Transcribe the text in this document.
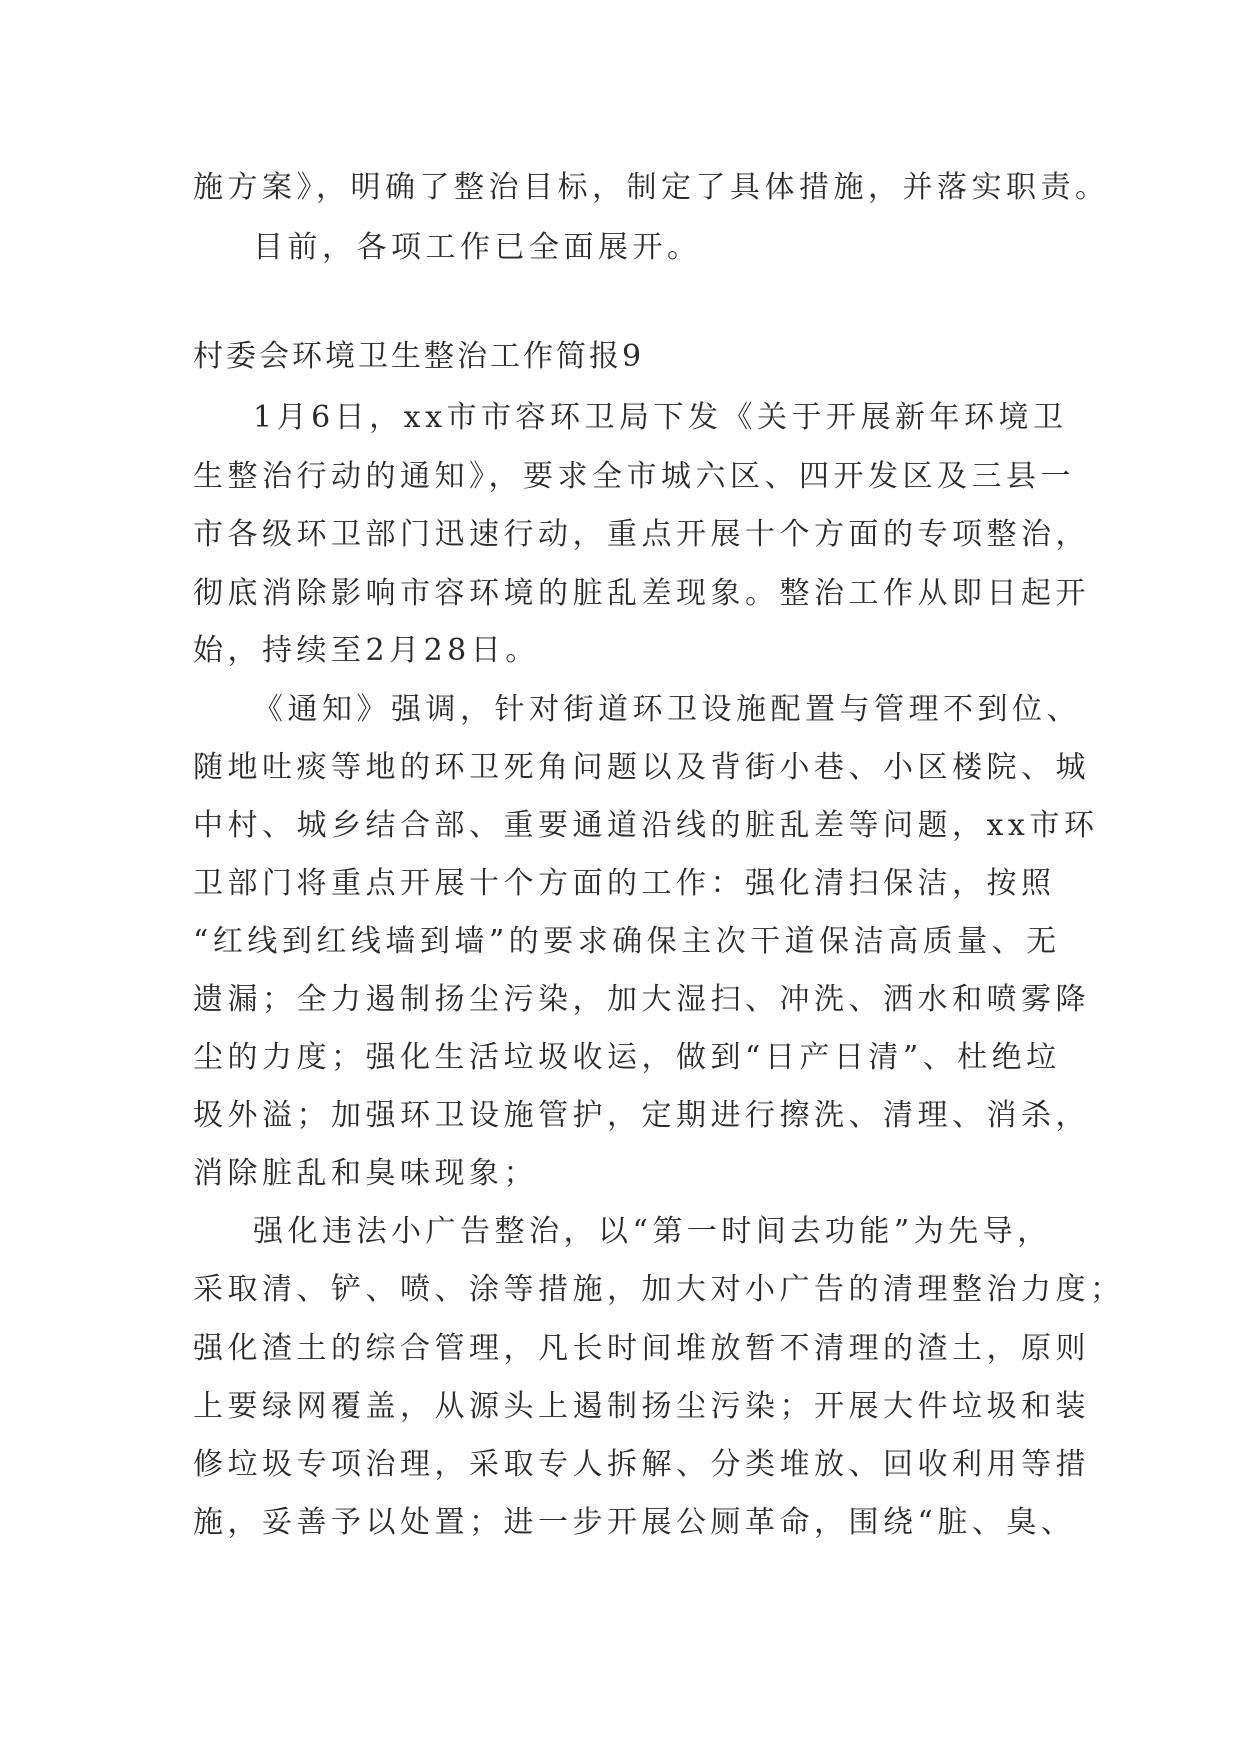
施方案》，明确了整治目标，制定了具体措施，并落实职责。
目前，各项工作已全面展开。
村委会环境卫生整治工作简报9
1月6日，xx市市容环卫局下发《关于开展新年环境卫
生整治行动的通知》，要求全市城六区、四开发区及三县一
市各级环卫部门迅速行动，重点开展十个方面的专项整治，
彻底消除影响市容环境的脏乱差现象。整治工作从即日起开
始，持续至2月28日。
《通知》强调，针对街道环卫设施配置与管理不到位、
随地吐痰等地的环卫死角问题以及背街小巷、小区楼院、城
中村、城乡结合部、重要通道沿线的脏乱差等问题，xx市环
卫部门将重点开展十个方面的工作：强化清扫保洁，按照
“红线到红线墙到墙”的要求确保主次干道保洁高质量、无
遗漏；全力遏制扬尘污染，加大湿扫、冲洗、洒水和喷雾降
尘的力度；强化生活垃圾收运，做到“日产日清”、杜绝垃
圾外溢；加强环卫设施管护，定期进行擦洗、清理、消杀，
消除脏乱和臭味现象；
强化违法小广告整治，以“第一时间去功能”为先导，
采取清、铲、喷、涂等措施，加大对小广告的清理整治力度；
强化渣土的综合管理，凡长时间堆放暂不清理的渣土，原则
上要绿网覆盖，从源头上遏制扬尘污染；开展大件垃圾和装
修垃圾专项治理，采取专人拆解、分类堆放、回收利用等措
施，妥善予以处置；进一步开展公厕革命，围绕“脏、臭、
